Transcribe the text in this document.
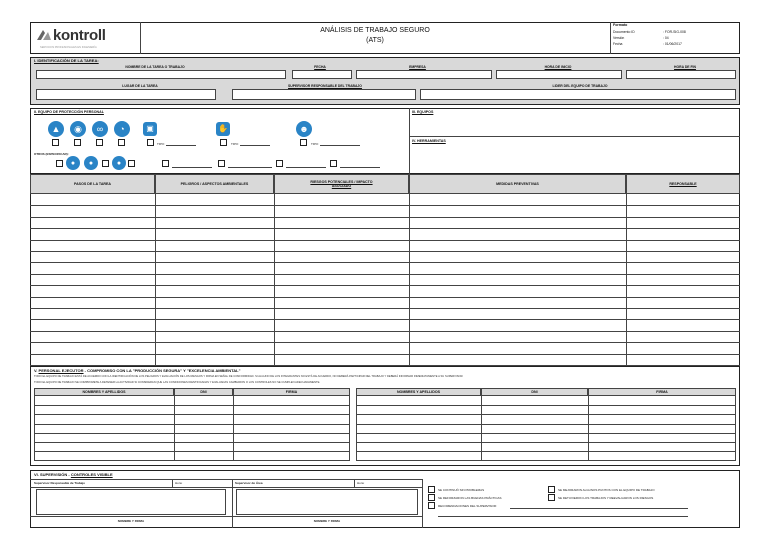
kontroll
SERVICIOS PROFESIONALES EN INGENIERÍA
ANÁLISIS DE TRABAJO SEGURO
(ATS)
Formato
Documento ID	: FOR-SIG-008
Versión	: 04
Fecha	: 01/06/2017
I. IDENTIFICACIÓN DE LA TAREA:
NOMBRE DE LA TAREA O TRABAJO	FECHA	EMPRESA	HORA DE INICIO	HORA DE FIN
LUGAR DE LA TAREA	SUPERVISOR RESPONSABLE DEL TRABAJO	LIDER DEL EQUIPO DE TRABAJO
II. EQUIPO DE PROTECCIÓN PERSONAL	III. EQUIPOS
IV. HERRAMIENTAS
▲	◉	∞	◔	▣	✋	☻
TIPO:	TIPO:	TIPO:
OTROS (ESPECIFICAR):
●	●	●
PASOS DE LA TAREA	PELIGROS / ASPECTOS AMBIENTALES	RIESGOS POTENCIALES / IMPACTO ASOCIADO	MEDIDAS PREVENTIVAS	RESPONSABLE
V. PERSONAL EJECUTOR - COMPROMISO CON LA "PRODUCCIÓN SEGURA" Y "EXCELENCIA AMBIENTAL"
TODO EL EQUIPO DE TRABAJO ESTÁ DE ACUERDO CON LA IDENTIFICACIÓN DE LOS PELIGROS Y EVALUACIÓN DE LOS RIESGOS Y FIRMA EN SEÑAL DE CONFORMIDAD. SI ALGUNO DE LOS INTEGRANTES NO ESTÁ DE ACUERDO, NO DEBERÁ PARTICIPAR DEL TRABAJO Y DEBERÁ INFORMAR INMEDIATAMENTE A SU SUPERVISOR.
TODO EL EQUIPO DE TRABAJO SE COMPROMETE A DETENER LA ACTIVIDAD SI CONSIDERAN QUE LAS CONDICIONES IDENTIFICADAS Y EVALUADAS CAMBIARON O LOS CONTROLES NO SE CUMPLEN ADECUADAMENTE.
NOMBRES Y APELLIDOS	DNI	FIRMA	NOMBRES Y APELLIDOS	DNI	FIRMA
VI. SUPERVISIÓN - CONTROLES VISIBLE
Supervisor Responsable de Trabajo	Hora:	Supervisor de Área	Hora:
NOMBRE Y FIRMA	NOMBRE Y FIRMA
SE CONTINUÓ SIN PROBLEMAS
SE REFORZARON LAS BUENAS PRÁCTICAS
RECOMENDACIONES DEL SUPERVISOR:
SE MEJORARON ALGUNOS PUNTOS CON EL EQUIPO DE TRABAJO
SE DETUVIERON LOS TRABAJOS Y REEVALUARON LOS RIESGOS
